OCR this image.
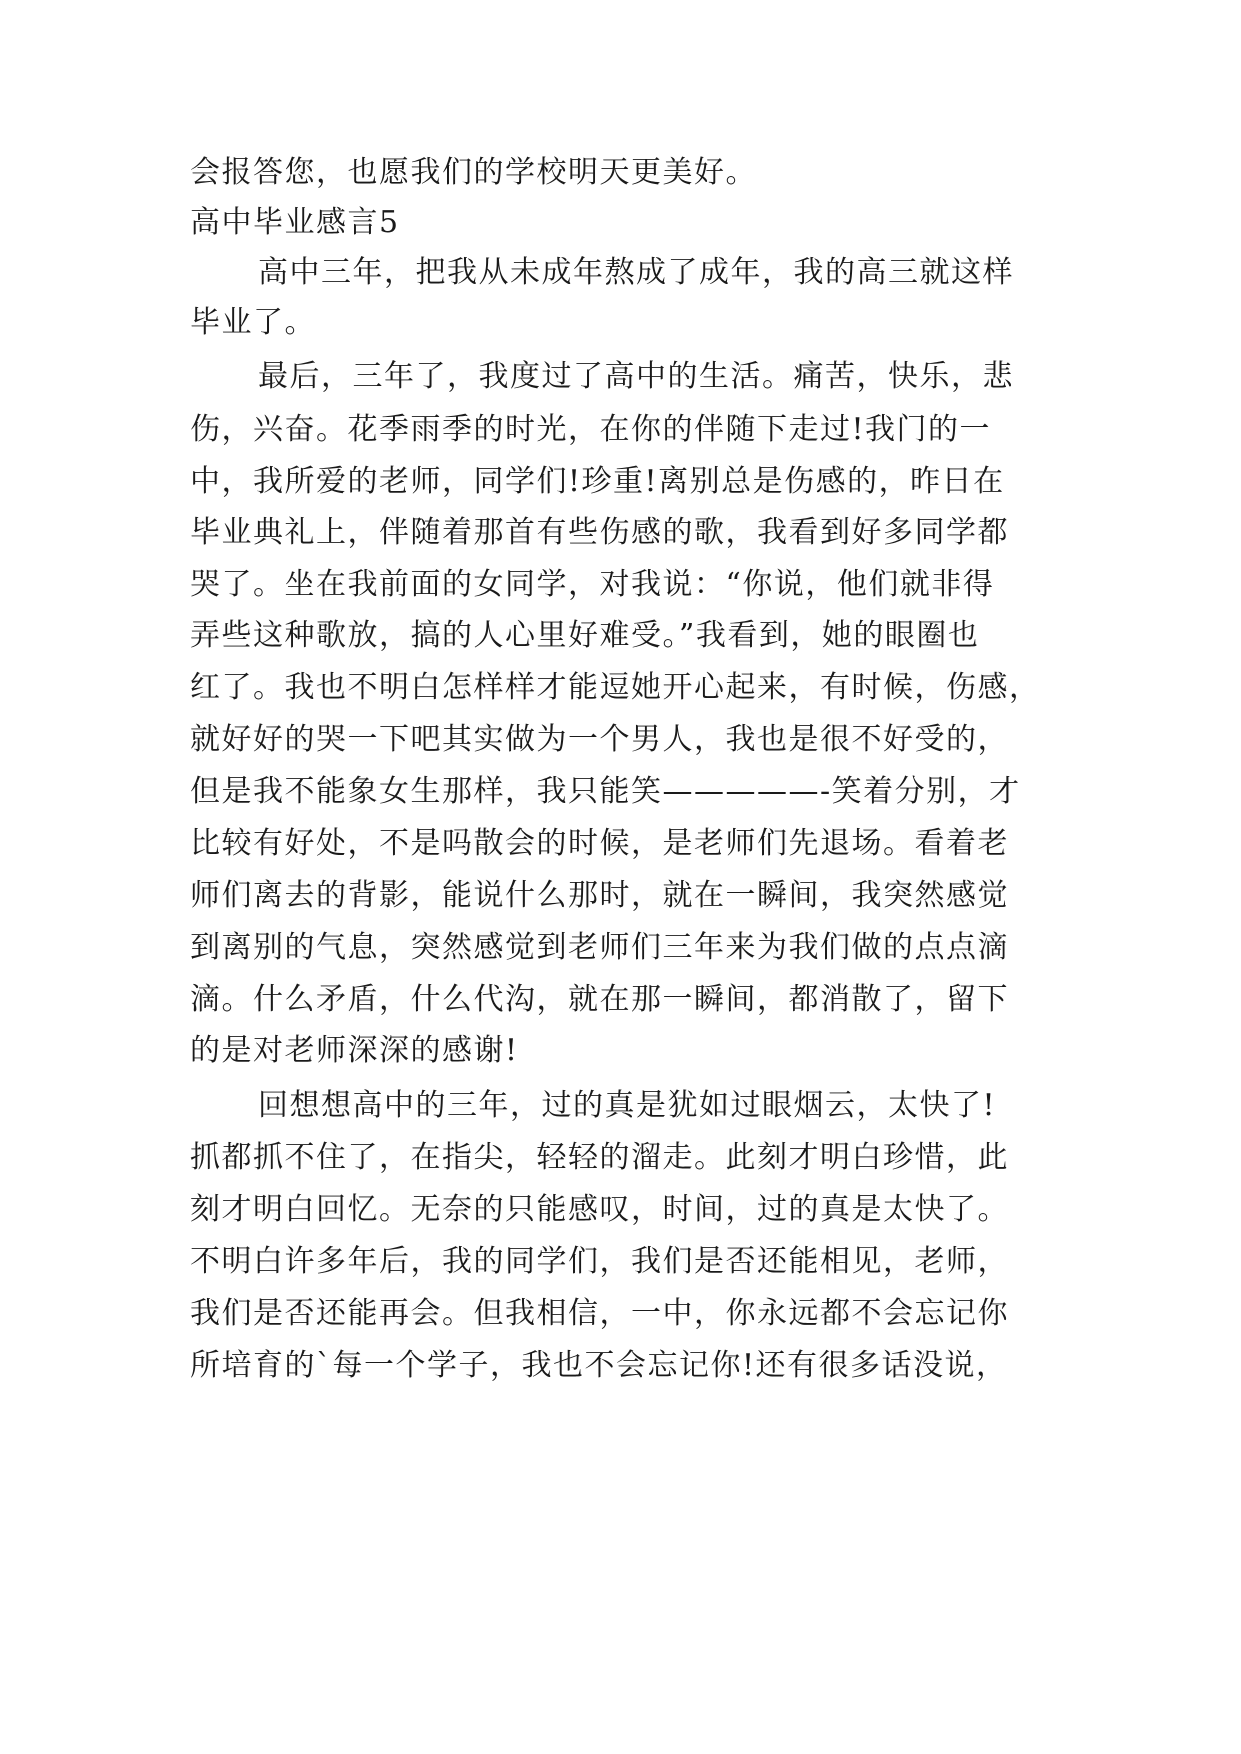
会报答您，也愿我们的学校明天更美好。
高中毕业感言5
高中三年，把我从未成年熬成了成年，我的高三就这样
毕业了。
最后，三年了，我度过了高中的生活。痛苦，快乐，悲
伤，兴奋。花季雨季的时光，在你的伴随下走过!我门的一
中，我所爱的老师，同学们!珍重!离别总是伤感的，昨日在
毕业典礼上，伴随着那首有些伤感的歌，我看到好多同学都
哭了。坐在我前面的女同学，对我说：“你说，他们就非得
弄些这种歌放，搞的人心里好难受。”我看到，她的眼圈也
红了。我也不明白怎样样才能逗她开心起来，有时候，伤感，
就好好的哭一下吧其实做为一个男人，我也是很不好受的，
但是我不能象女生那样，我只能笑—————-笑着分别，才
比较有好处，不是吗散会的时候，是老师们先退场。看着老
师们离去的背影，能说什么那时，就在一瞬间，我突然感觉
到离别的气息，突然感觉到老师们三年来为我们做的点点滴
滴。什么矛盾，什么代沟，就在那一瞬间，都消散了，留下
的是对老师深深的感谢!
回想想高中的三年，过的真是犹如过眼烟云，太快了!
抓都抓不住了，在指尖，轻轻的溜走。此刻才明白珍惜，此
刻才明白回忆。无奈的只能感叹，时间，过的真是太快了。
不明白许多年后，我的同学们，我们是否还能相见，老师，
我们是否还能再会。但我相信，一中，你永远都不会忘记你
所培育的`每一个学子，我也不会忘记你!还有很多话没说，
